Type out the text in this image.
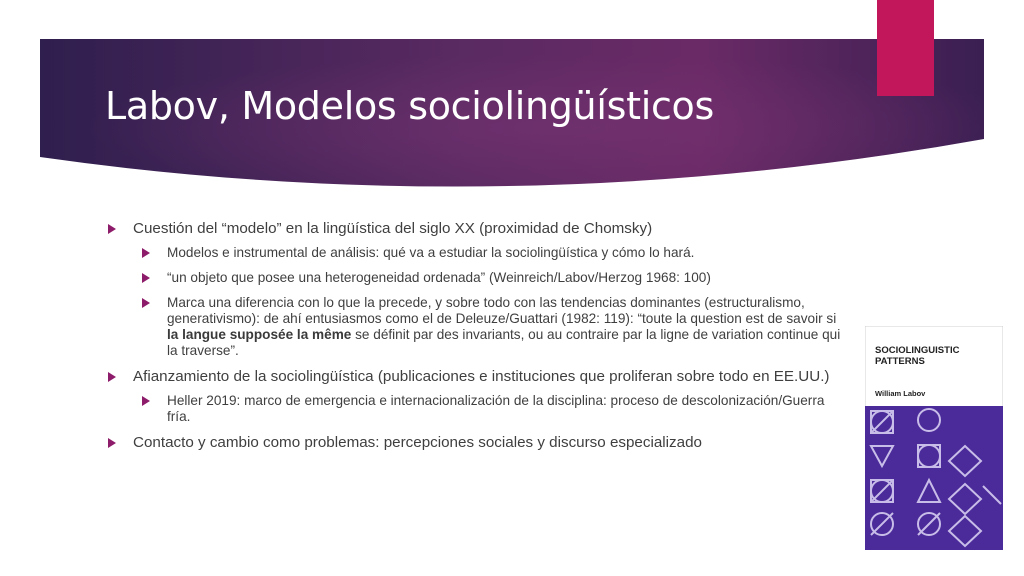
Labov, Modelos sociolingüísticos
Cuestión del “modelo” en la lingüística del siglo XX (proximidad de Chomsky)
Modelos e instrumental de análisis: qué va a estudiar la sociolingüística y cómo lo hará.
“un objeto que posee una heterogeneidad ordenada” (Weinreich/Labov/Herzog 1968: 100)
Marca una diferencia con lo que la precede, y sobre todo con las tendencias dominantes (estructuralismo, generativismo): de ahí entusiasmos como el de Deleuze/Guattari (1982: 119): “toute la question est de savoir si la langue supposée la même se définit par des invariants, ou au contraire par la ligne de variation continue qui la traverse”.
Afianzamiento de la sociolingüística (publicaciones e instituciones que proliferan sobre todo en EE.UU.)
Heller 2019: marco de emergencia e internacionalización de la disciplina: proceso de descolonización/Guerra fría.
Contacto y cambio como problemas: percepciones sociales y discurso especializado
SOCIOLINGUISTIC
PATTERNS
William Labov
